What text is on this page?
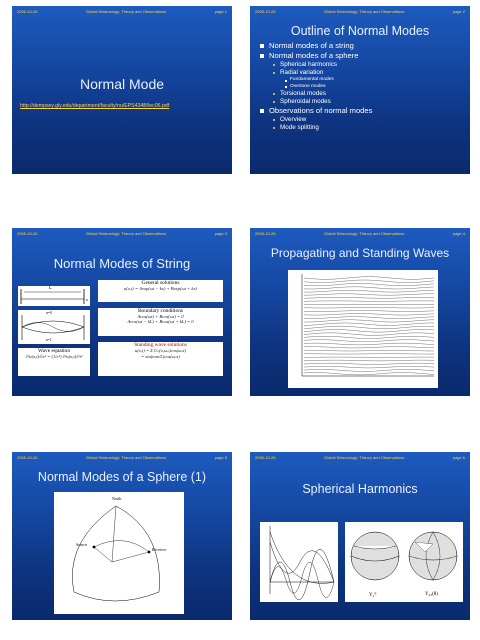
2006-10-26	Global Seismology: Theory and Observations	page 1
Normal Mode
http://dempsey.gly.edu/department/faculty/nu/EPS434B/lec06.pdf
2006-10-26	Global Seismology: Theory and Observations	page 2
Outline of Normal Modes
Normal modes of a string
Normal modes of a sphere
Spherical harmonics
Radial variation
Fundamental modes
Overtone modes
Torsional modes
Spheroidal modes
Observations of normal modes
Overview
Mode splitting
2006-10-26	Global Seismology: Theory and Observations	page 3
Normal Modes of String
L
x
General solutions
u(x,t) = Aexp(ωt − kx) + Bexp(ωt + kx)
n=0
n=1
Boundary conditions
Acos(ωt) + Bcos(ωt) = 0
Acos(ωt − kL) + Bcos(ωt + kL) = 0
Wave equation
∂²u(x,t)/∂x² = (1/c²) ∂²u(x,t)/∂t²
Standing wave solutions
u(x,t) = Σ Uₙ(x,ωₙ)cos(ωₙt)
= sin(nπx/L)cos(ωₙt)
2006-10-26	Global Seismology: Theory and Observations	page 4
Propagating and Standing Waves
2006-10-26	Global Seismology: Theory and Observations	page 5
Normal Modes of a Sphere (1)
North
Receiver
Source
2006-10-26	Global Seismology: Theory and Observations	page 6
Spherical Harmonics
Y₂⁰	Y₄₃(θ)
